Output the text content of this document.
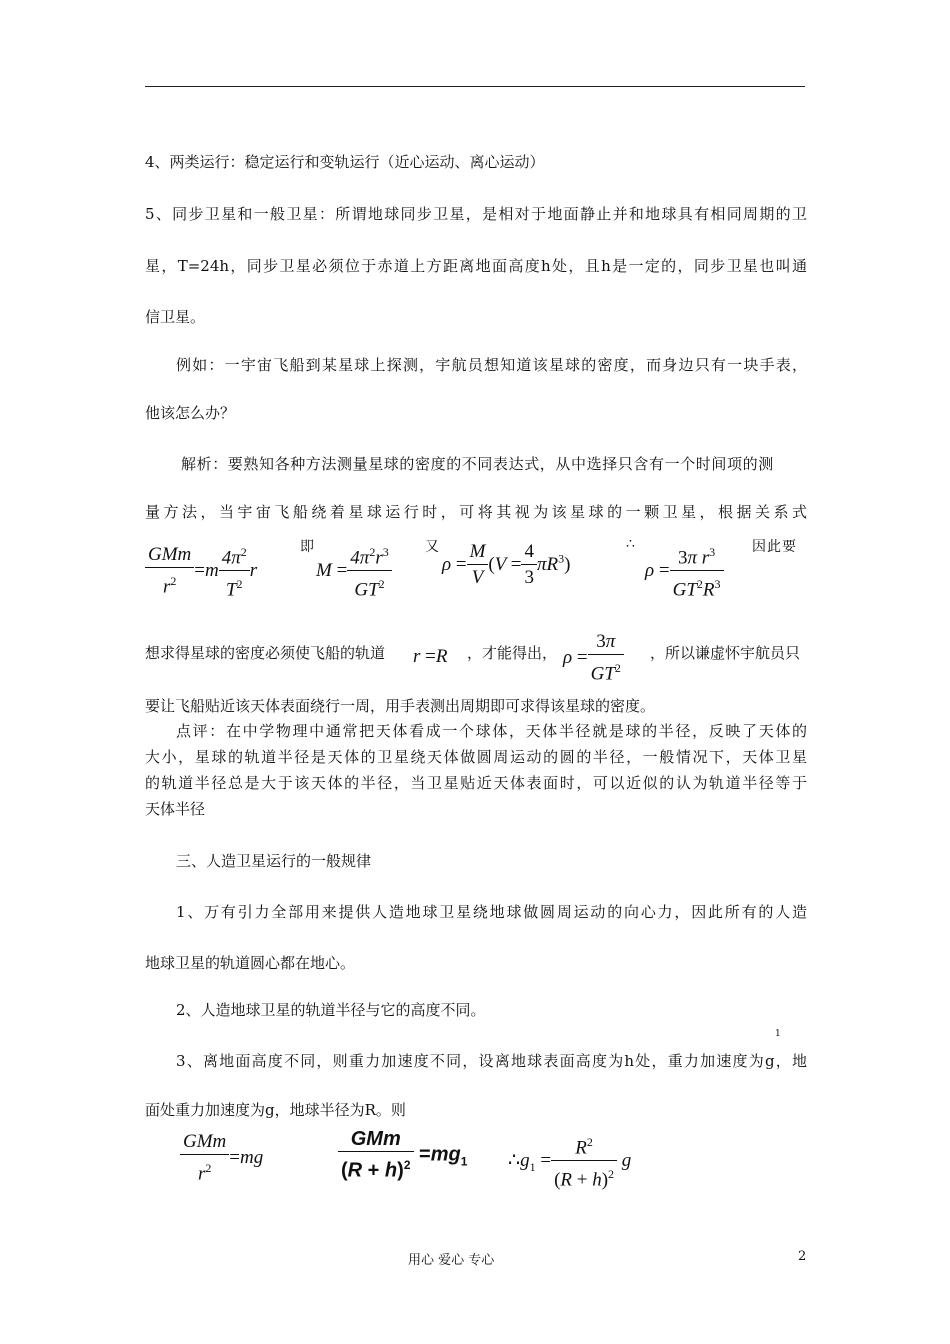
4、两类运行：稳定运行和变轨运行（近心运动、离心运动）
5、同步卫星和一般卫星：所谓地球同步卫星，是相对于地面静止并和地球具有相同周期的卫
星，T=24h，同步卫星必须位于赤道上方距离地面高度h处，且h是一定的，同步卫星也叫通
信卫星。
例如：一宇宙飞船到某星球上探测，宇航员想知道该星球的密度，而身边只有一块手表，
他该怎么办？
解析：要熟知各种方法测量星球的密度的不同表达式，从中选择只含有一个时间项的测
量方法，当宇宙飞船绕着星球运行时，可将其视为该星球的一颗卫星，根据关系式
$\frac{\text{GMm}}{r^2} =m \frac{4\pi^2}{T^2}$ r
即
$M = \frac{4\pi^2r^3}{GT^2}$ 又
$\rho = \frac{M}{V} (V = \frac{4}{3} \pi R^3)$
∴
$\rho = \frac{3\pi r^3}{GT^2R^3}$ 因此要
想求得星球的密度必须使飞船的轨道 r =R ，才能得出， $\rho = \frac{3\pi}{GT^2}$ ，所以谦虚怀宇航员只
要让飞船贴近该天体表面绕行一周，用手表测出周期即可求得该星球的密度。
点评：在中学物理中通常把天体看成一个球体，天体半径就是球的半径，反映了天体的
大小，星球的轨道半径是天体的卫星绕天体做圆周运动的圆的半径，一般情况下，天体卫星
的轨道半径总是大于该天体的半径，当卫星贴近天体表面时，可以近似的认为轨道半径等于
天体半径
三、人造卫星运行的一般规律
1、万有引力全部用来提供人造地球卫星绕地球做圆周运动的向心力，因此所有的人造
地球卫星的轨道圆心都在地心。
2、人造地球卫星的轨道半径与它的高度不同。
1
3、离地面高度不同，则重力加速度不同，设离地球表面高度为h处，重力加速度为g，地
面处重力加速度为g，地球半径为R。则
$\frac{\text{GMm}}{r^2} =mg$	$\frac{\text{GMm}}{(R + h)^2} =mg_1$ $\therefore g_1 = \frac{R^2}{(R + h)^2}$ g
用心 爱心 专心	2
